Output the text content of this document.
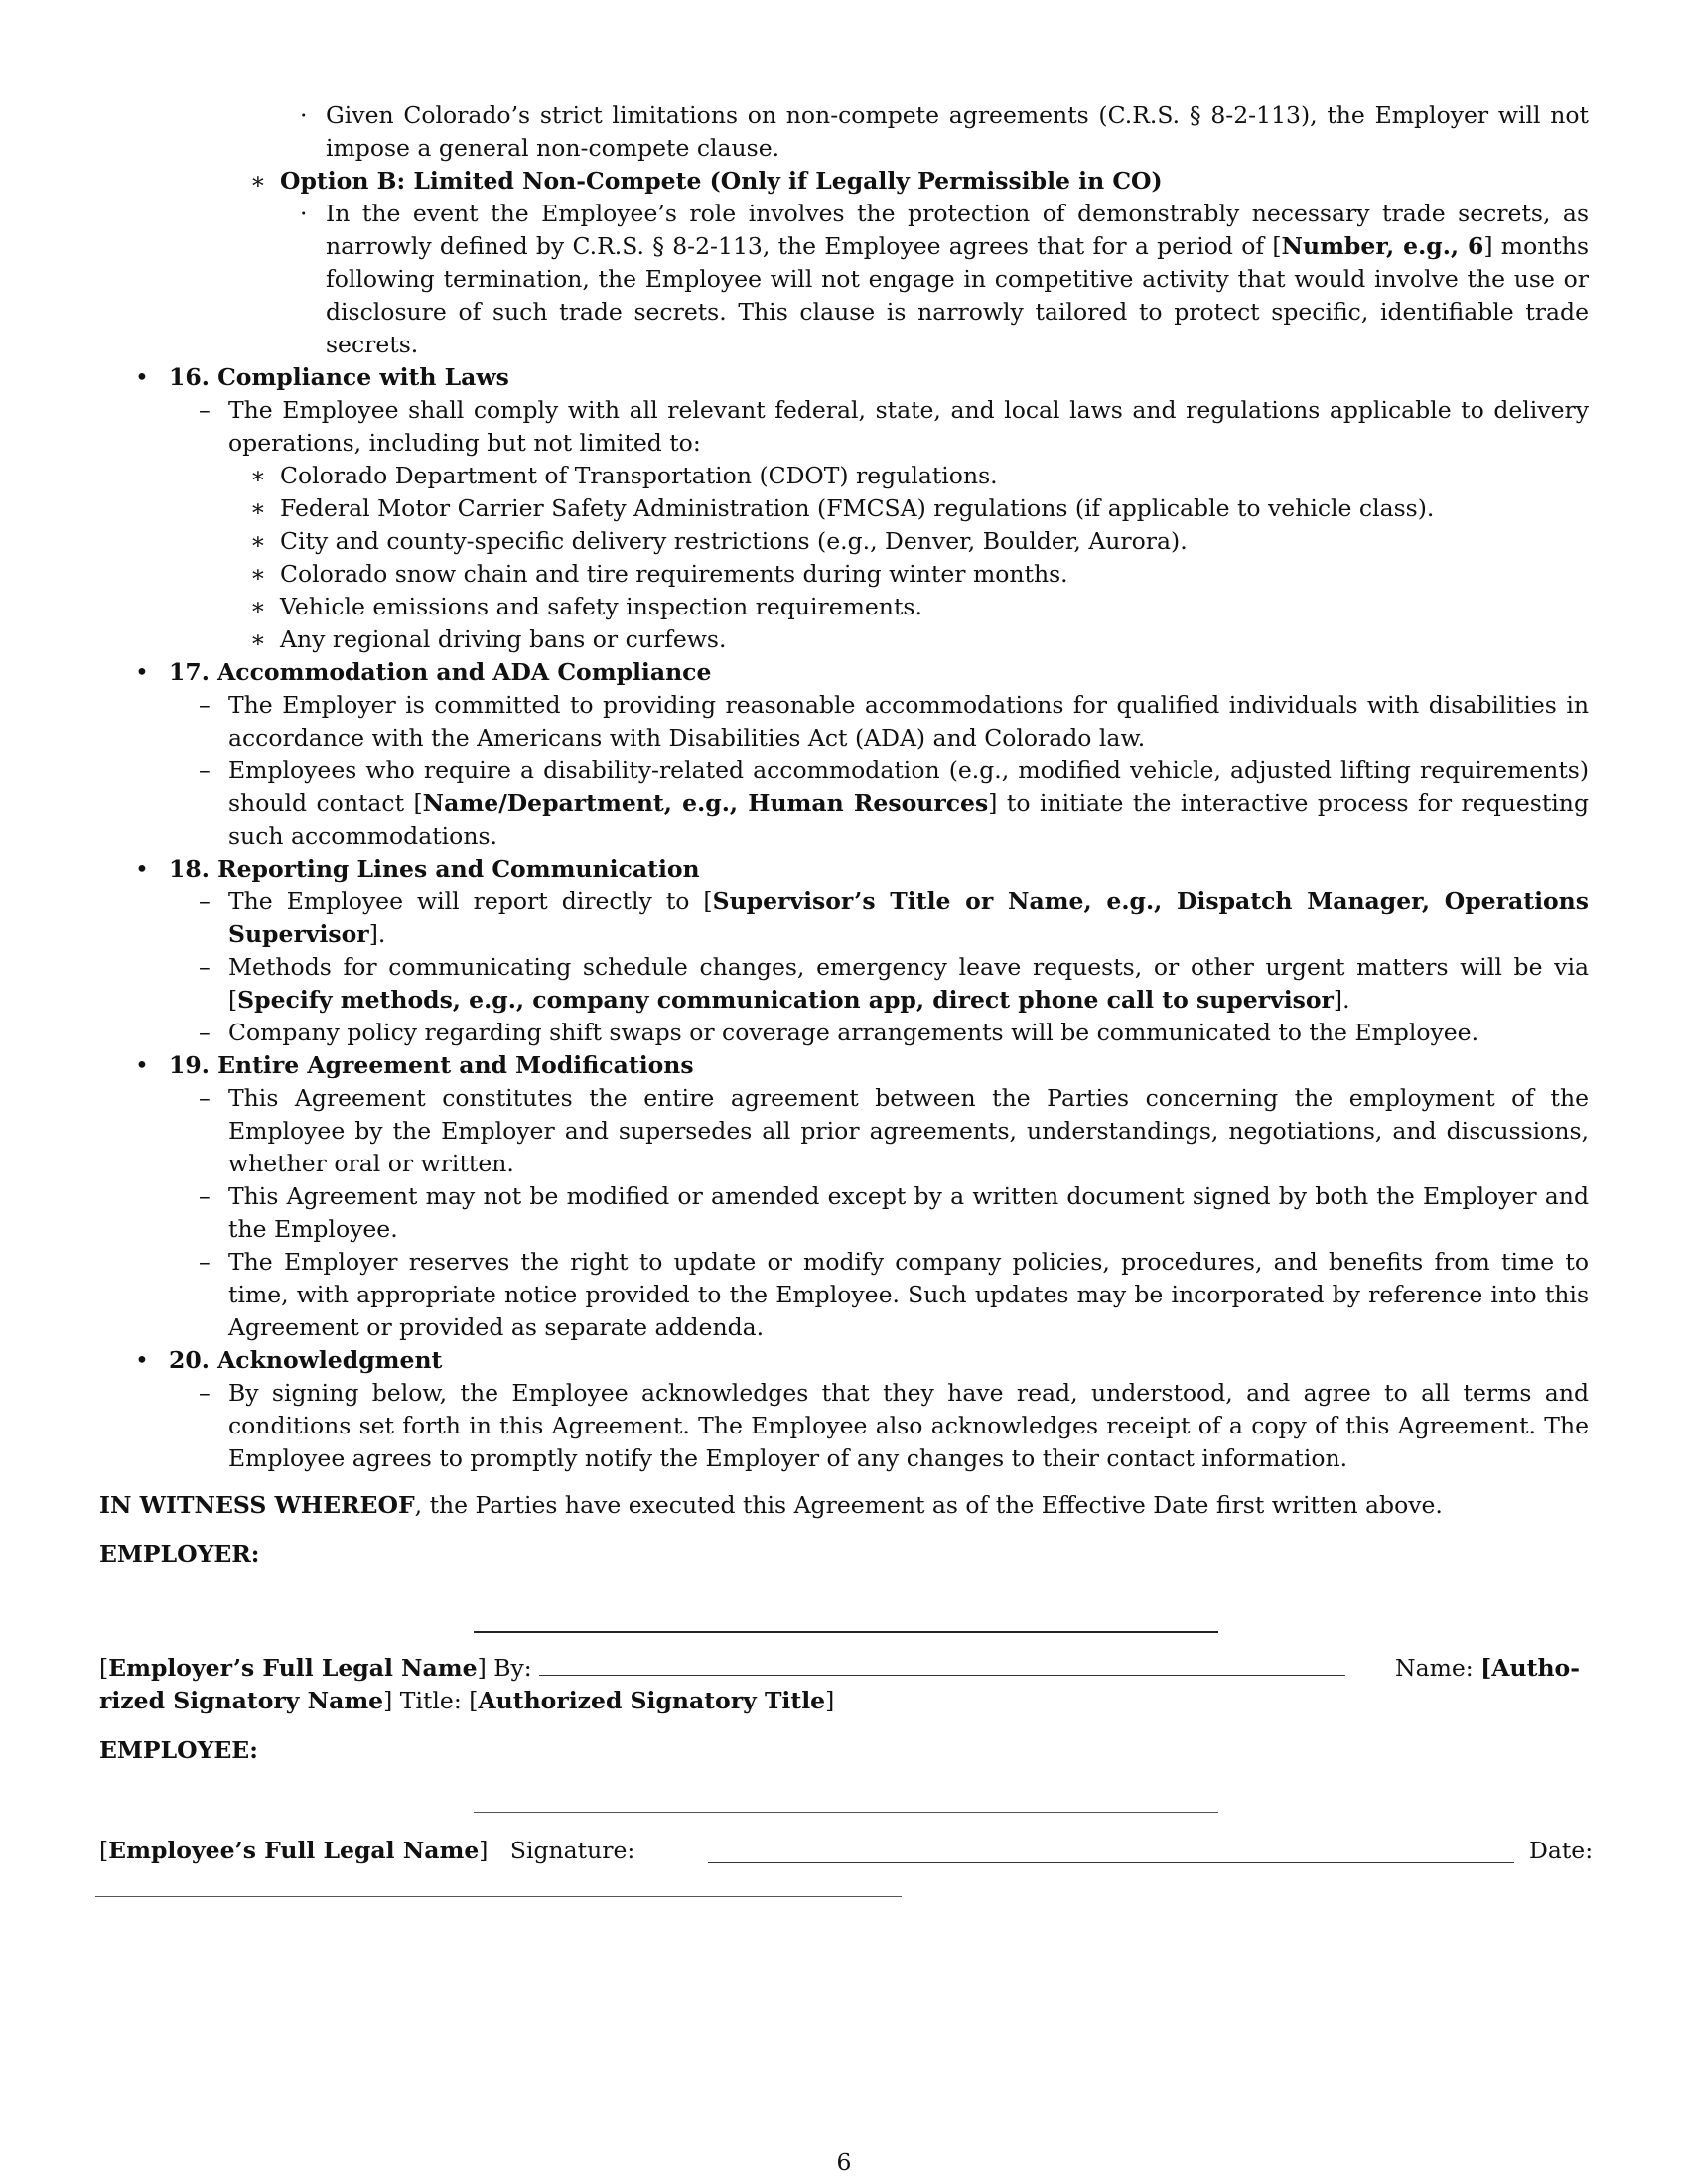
· Given Colorado’s strict limitations on non-compete agreements (C.R.S. § 8-2-113), the Employer will not impose a general non-compete clause.
∗ Option B: Limited Non-Compete (Only if Legally Permissible in CO)
· In the event the Employee’s role involves the protection of demonstrably necessary trade secrets, as narrowly defined by C.R.S. § 8-2-113, the Employee agrees that for a period of [Number, e.g., 6] months following termination, the Employee will not engage in competitive activity that would involve the use or disclosure of such trade secrets. This clause is narrowly tailored to protect specific, identifiable trade secrets.
• 16. Compliance with Laws
– The Employee shall comply with all relevant federal, state, and local laws and regulations applicable to delivery operations, including but not limited to:
∗ Colorado Department of Transportation (CDOT) regulations.
∗ Federal Motor Carrier Safety Administration (FMCSA) regulations (if applicable to vehicle class).
∗ City and county-specific delivery restrictions (e.g., Denver, Boulder, Aurora).
∗ Colorado snow chain and tire requirements during winter months.
∗ Vehicle emissions and safety inspection requirements.
∗ Any regional driving bans or curfews.
• 17. Accommodation and ADA Compliance
– The Employer is committed to providing reasonable accommodations for qualified individuals with disabilities in accordance with the Americans with Disabilities Act (ADA) and Colorado law.
– Employees who require a disability-related accommodation (e.g., modified vehicle, adjusted lifting requirements) should contact [Name/Department, e.g., Human Resources] to initiate the interactive process for requesting such accommodations.
• 18. Reporting Lines and Communication
– The Employee will report directly to [Supervisor’s Title or Name, e.g., Dispatch Manager, Operations Supervisor].
– Methods for communicating schedule changes, emergency leave requests, or other urgent matters will be via [Specify methods, e.g., company communication app, direct phone call to supervisor].
– Company policy regarding shift swaps or coverage arrangements will be communicated to the Employee.
• 19. Entire Agreement and Modifications
– This Agreement constitutes the entire agreement between the Parties concerning the employment of the Employee by the Employer and supersedes all prior agreements, understandings, negotiations, and discussions, whether oral or written.
– This Agreement may not be modified or amended except by a written document signed by both the Employer and the Employee.
– The Employer reserves the right to update or modify company policies, procedures, and benefits from time to time, with appropriate notice provided to the Employee. Such updates may be incorporated by reference into this Agreement or provided as separate addenda.
• 20. Acknowledgment
– By signing below, the Employee acknowledges that they have read, understood, and agree to all terms and conditions set forth in this Agreement. The Employee also acknowledges receipt of a copy of this Agreement. The Employee agrees to promptly notify the Employer of any changes to their contact information.
IN WITNESS WHEREOF, the Parties have executed this Agreement as of the Effective Date first written above.
EMPLOYER:
[Employer’s Full Legal Name] By:	Name: [Autho-
rized Signatory Name] Title: [Authorized Signatory Title]
EMPLOYEE:
[Employee’s Full Legal Name]   Signature:	Date:
6
